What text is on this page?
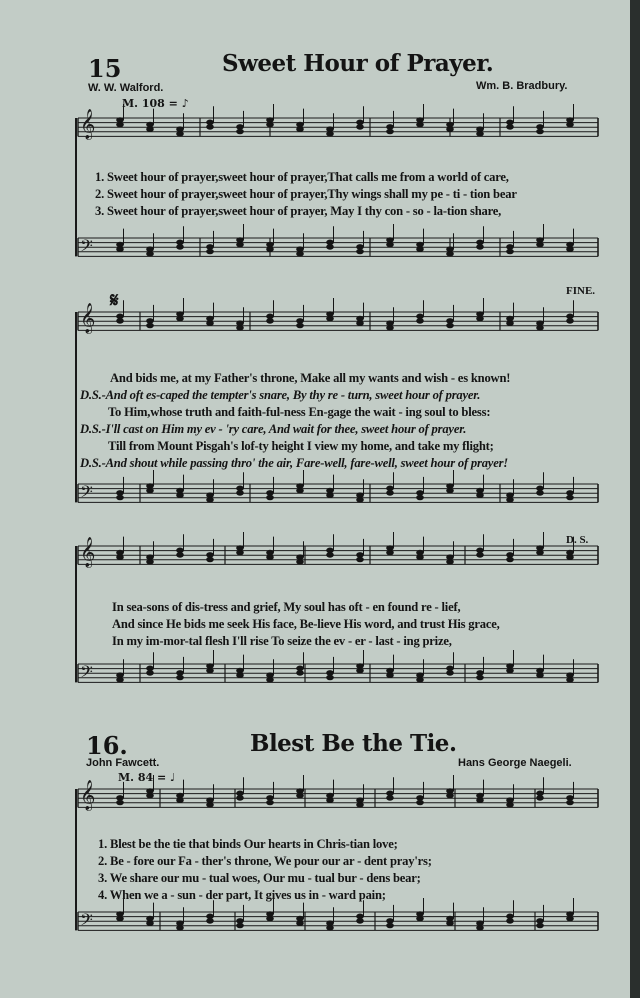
15	Sweet Hour of Prayer.
W. W. Walford.	Wm. B. Bradbury.
M. 108 = ♪
1. Sweet hour of prayer,sweet hour of prayer,That calls me from a world of care,
2. Sweet hour of prayer,sweet hour of prayer,Thy wings shall my pe - ti - tion bear
3. Sweet hour of prayer,sweet hour of prayer, May I thy con - so - la-tion share,
𝄋	FINE.
And bids me, at my Father's throne, Make all my wants and wish - es known!
D.S.-And oft es-caped the tempter's snare, By thy re - turn, sweet hour of prayer.
To Him,whose truth and faith-ful-ness En-gage the wait - ing soul to bless:
D.S.-I'll cast on Him my ev - 'ry care, And wait for thee, sweet hour of prayer.
Till from Mount Pisgah's lof-ty height I view my home, and take my flight;
D.S.-And shout while passing thro' the air, Fare-well, fare-well, sweet hour of prayer!
D. S.
In sea-sons of dis-tress and grief, My soul has oft - en found re - lief,
And since He bids me seek His face, Be-lieve His word, and trust His grace,
In my im-mor-tal flesh I'll rise To seize the ev - er - last - ing prize,
16.	Blest Be the Tie.
John Fawcett.	Hans George Naegeli.
M. 84 = ♩
1. Blest be the tie that binds Our hearts in Chris-tian love;
2. Be - fore our Fa - ther's throne, We pour our ar - dent pray'rs;
3. We share our mu - tual woes, Our mu - tual bur - dens bear;
4. When we a - sun - der part, It gives us in - ward pain;
𝄞
𝄢
𝄞
𝄢
𝄞
𝄢
𝄞
𝄢
